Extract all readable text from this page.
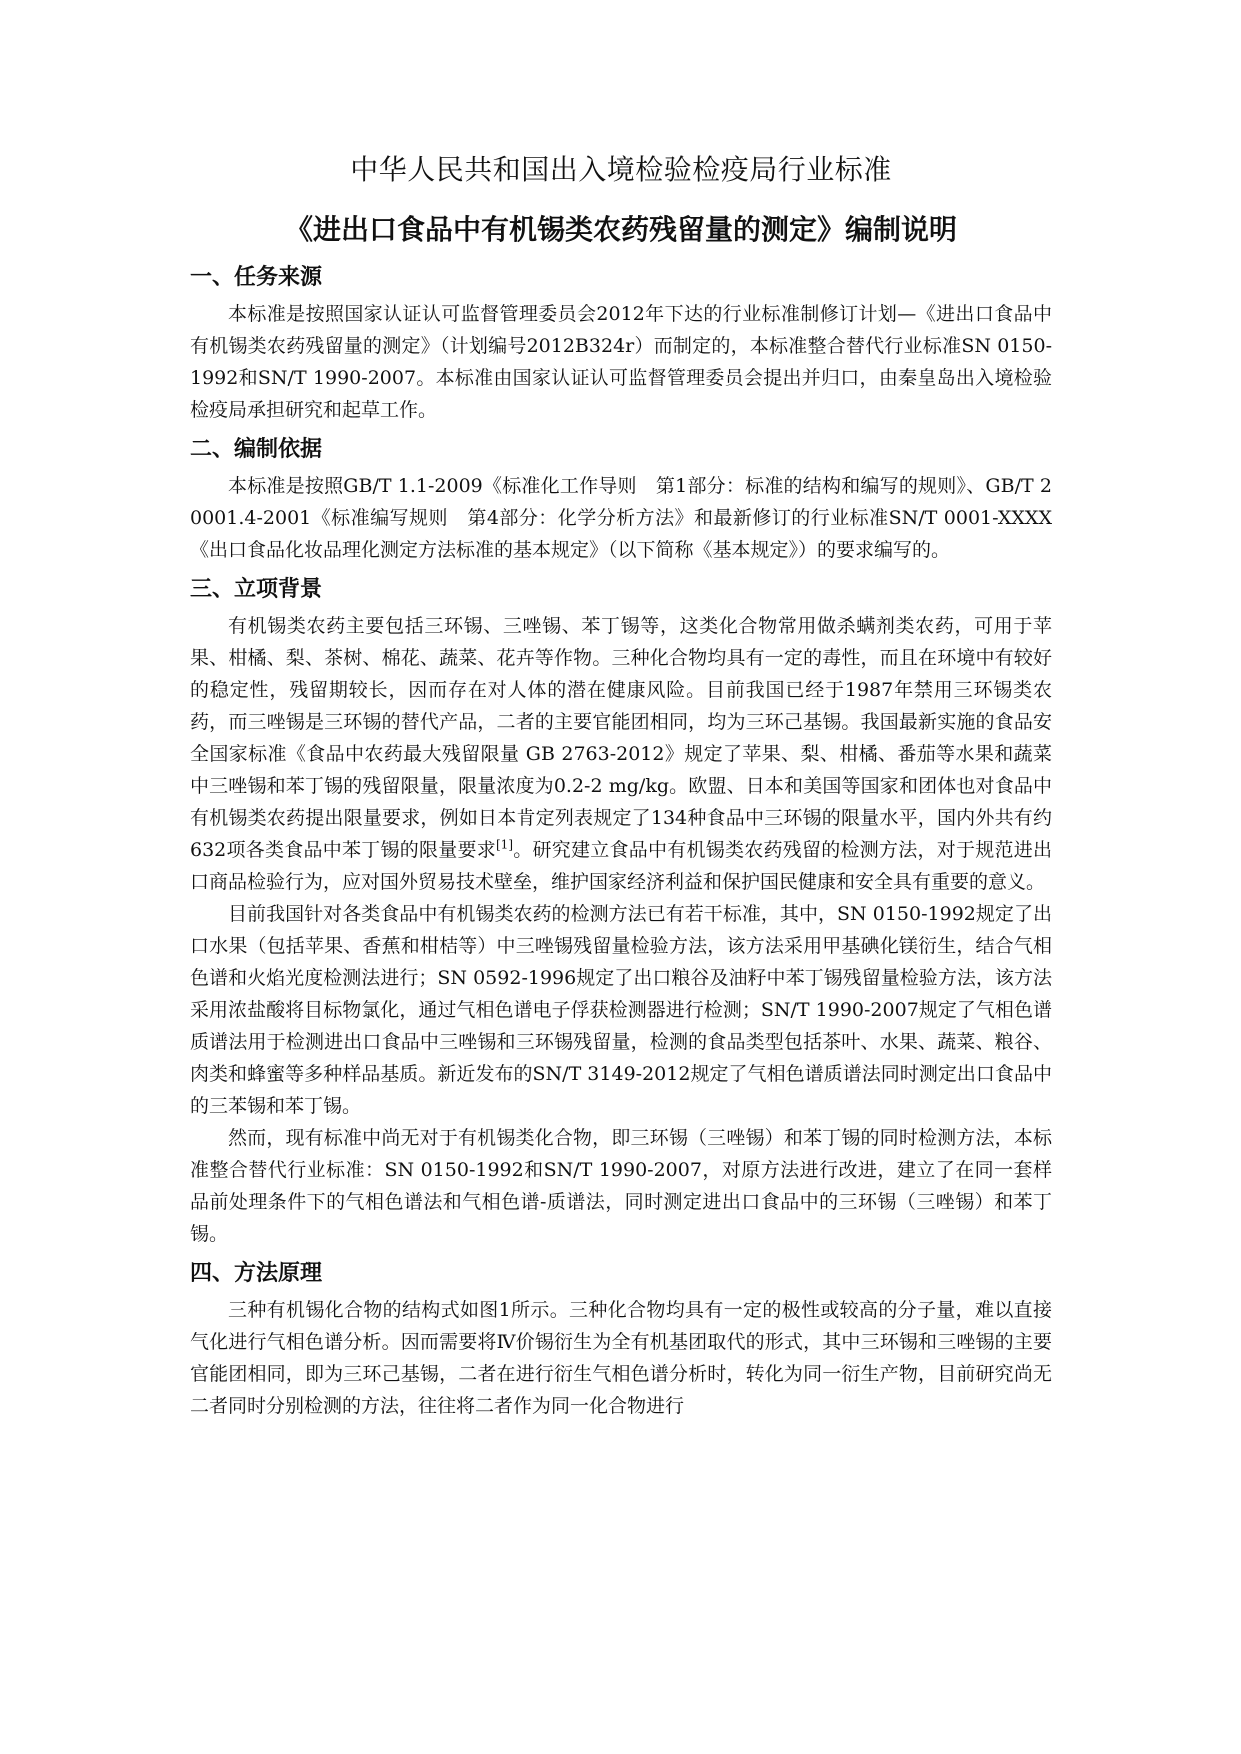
中华人民共和国出入境检验检疫局行业标准
《进出口食品中有机锡类农药残留量的测定》编制说明
一、任务来源

本标准是按照国家认证认可监督管理委员会2012年下达的行业标准制修订计划—《进出口食品中有机锡类农药残留量的测定》（计划编号2012B324r）而制定的，本标准整合替代行业标准SN 0150-1992和SN/T 1990-2007。本标准由国家认证认可监督管理委员会提出并归口，由秦皇岛出入境检验检疫局承担研究和起草工作。

二、编制依据

本标准是按照GB/T 1.1-2009《标准化工作导则　第1部分：标准的结构和编写的规则》、GB/T 20001.4-2001《标准编写规则　第4部分：化学分析方法》和最新修订的行业标准SN/T 0001-XXXX《出口食品化妆品理化测定方法标准的基本规定》（以下简称《基本规定》）的要求编写的。

三、立项背景

有机锡类农药主要包括三环锡、三唑锡、苯丁锡等，这类化合物常用做杀螨剂类农药，可用于苹果、柑橘、梨、茶树、棉花、蔬菜、花卉等作物。三种化合物均具有一定的毒性，而且在环境中有较好的稳定性，残留期较长，因而存在对人体的潜在健康风险。目前我国已经于1987年禁用三环锡类农药，而三唑锡是三环锡的替代产品，二者的主要官能团相同，均为三环己基锡。我国最新实施的食品安全国家标准《食品中农药最大残留限量 GB 2763-2012》规定了苹果、梨、柑橘、番茄等水果和蔬菜中三唑锡和苯丁锡的残留限量，限量浓度为0.2-2 mg/kg。欧盟、日本和美国等国家和团体也对食品中有机锡类农药提出限量要求，例如日本肯定列表规定了134种食品中三环锡的限量水平，国内外共有约632项各类食品中苯丁锡的限量要求[1]。研究建立食品中有机锡类农药残留的检测方法，对于规范进出口商品检验行为，应对国外贸易技术壁垒，维护国家经济利益和保护国民健康和安全具有重要的意义。

目前我国针对各类食品中有机锡类农药的检测方法已有若干标准，其中，SN 0150-1992规定了出口水果（包括苹果、香蕉和柑桔等）中三唑锡残留量检验方法，该方法采用甲基碘化镁衍生，结合气相色谱和火焰光度检测法进行；SN 0592-1996规定了出口粮谷及油籽中苯丁锡残留量检验方法，该方法采用浓盐酸将目标物氯化，通过气相色谱电子俘获检测器进行检测；SN/T 1990-2007规定了气相色谱质谱法用于检测进出口食品中三唑锡和三环锡残留量，检测的食品类型包括茶叶、水果、蔬菜、粮谷、肉类和蜂蜜等多种样品基质。新近发布的SN/T 3149-2012规定了气相色谱质谱法同时测定出口食品中的三苯锡和苯丁锡。

然而，现有标准中尚无对于有机锡类化合物，即三环锡（三唑锡）和苯丁锡的同时检测方法，本标准整合替代行业标准：SN 0150-1992和SN/T 1990-2007，对原方法进行改进，建立了在同一套样品前处理条件下的气相色谱法和气相色谱-质谱法，同时测定进出口食品中的三环锡（三唑锡）和苯丁锡。

四、方法原理

三种有机锡化合物的结构式如图1所示。三种化合物均具有一定的极性或较高的分子量，难以直接气化进行气相色谱分析。因而需要将Ⅳ价锡衍生为全有机基团取代的形式，其中三环锡和三唑锡的主要官能团相同，即为三环己基锡，二者在进行衍生气相色谱分析时，转化为同一衍生产物，目前研究尚无二者同时分别检测的方法，往往将二者作为同一化合物进行
